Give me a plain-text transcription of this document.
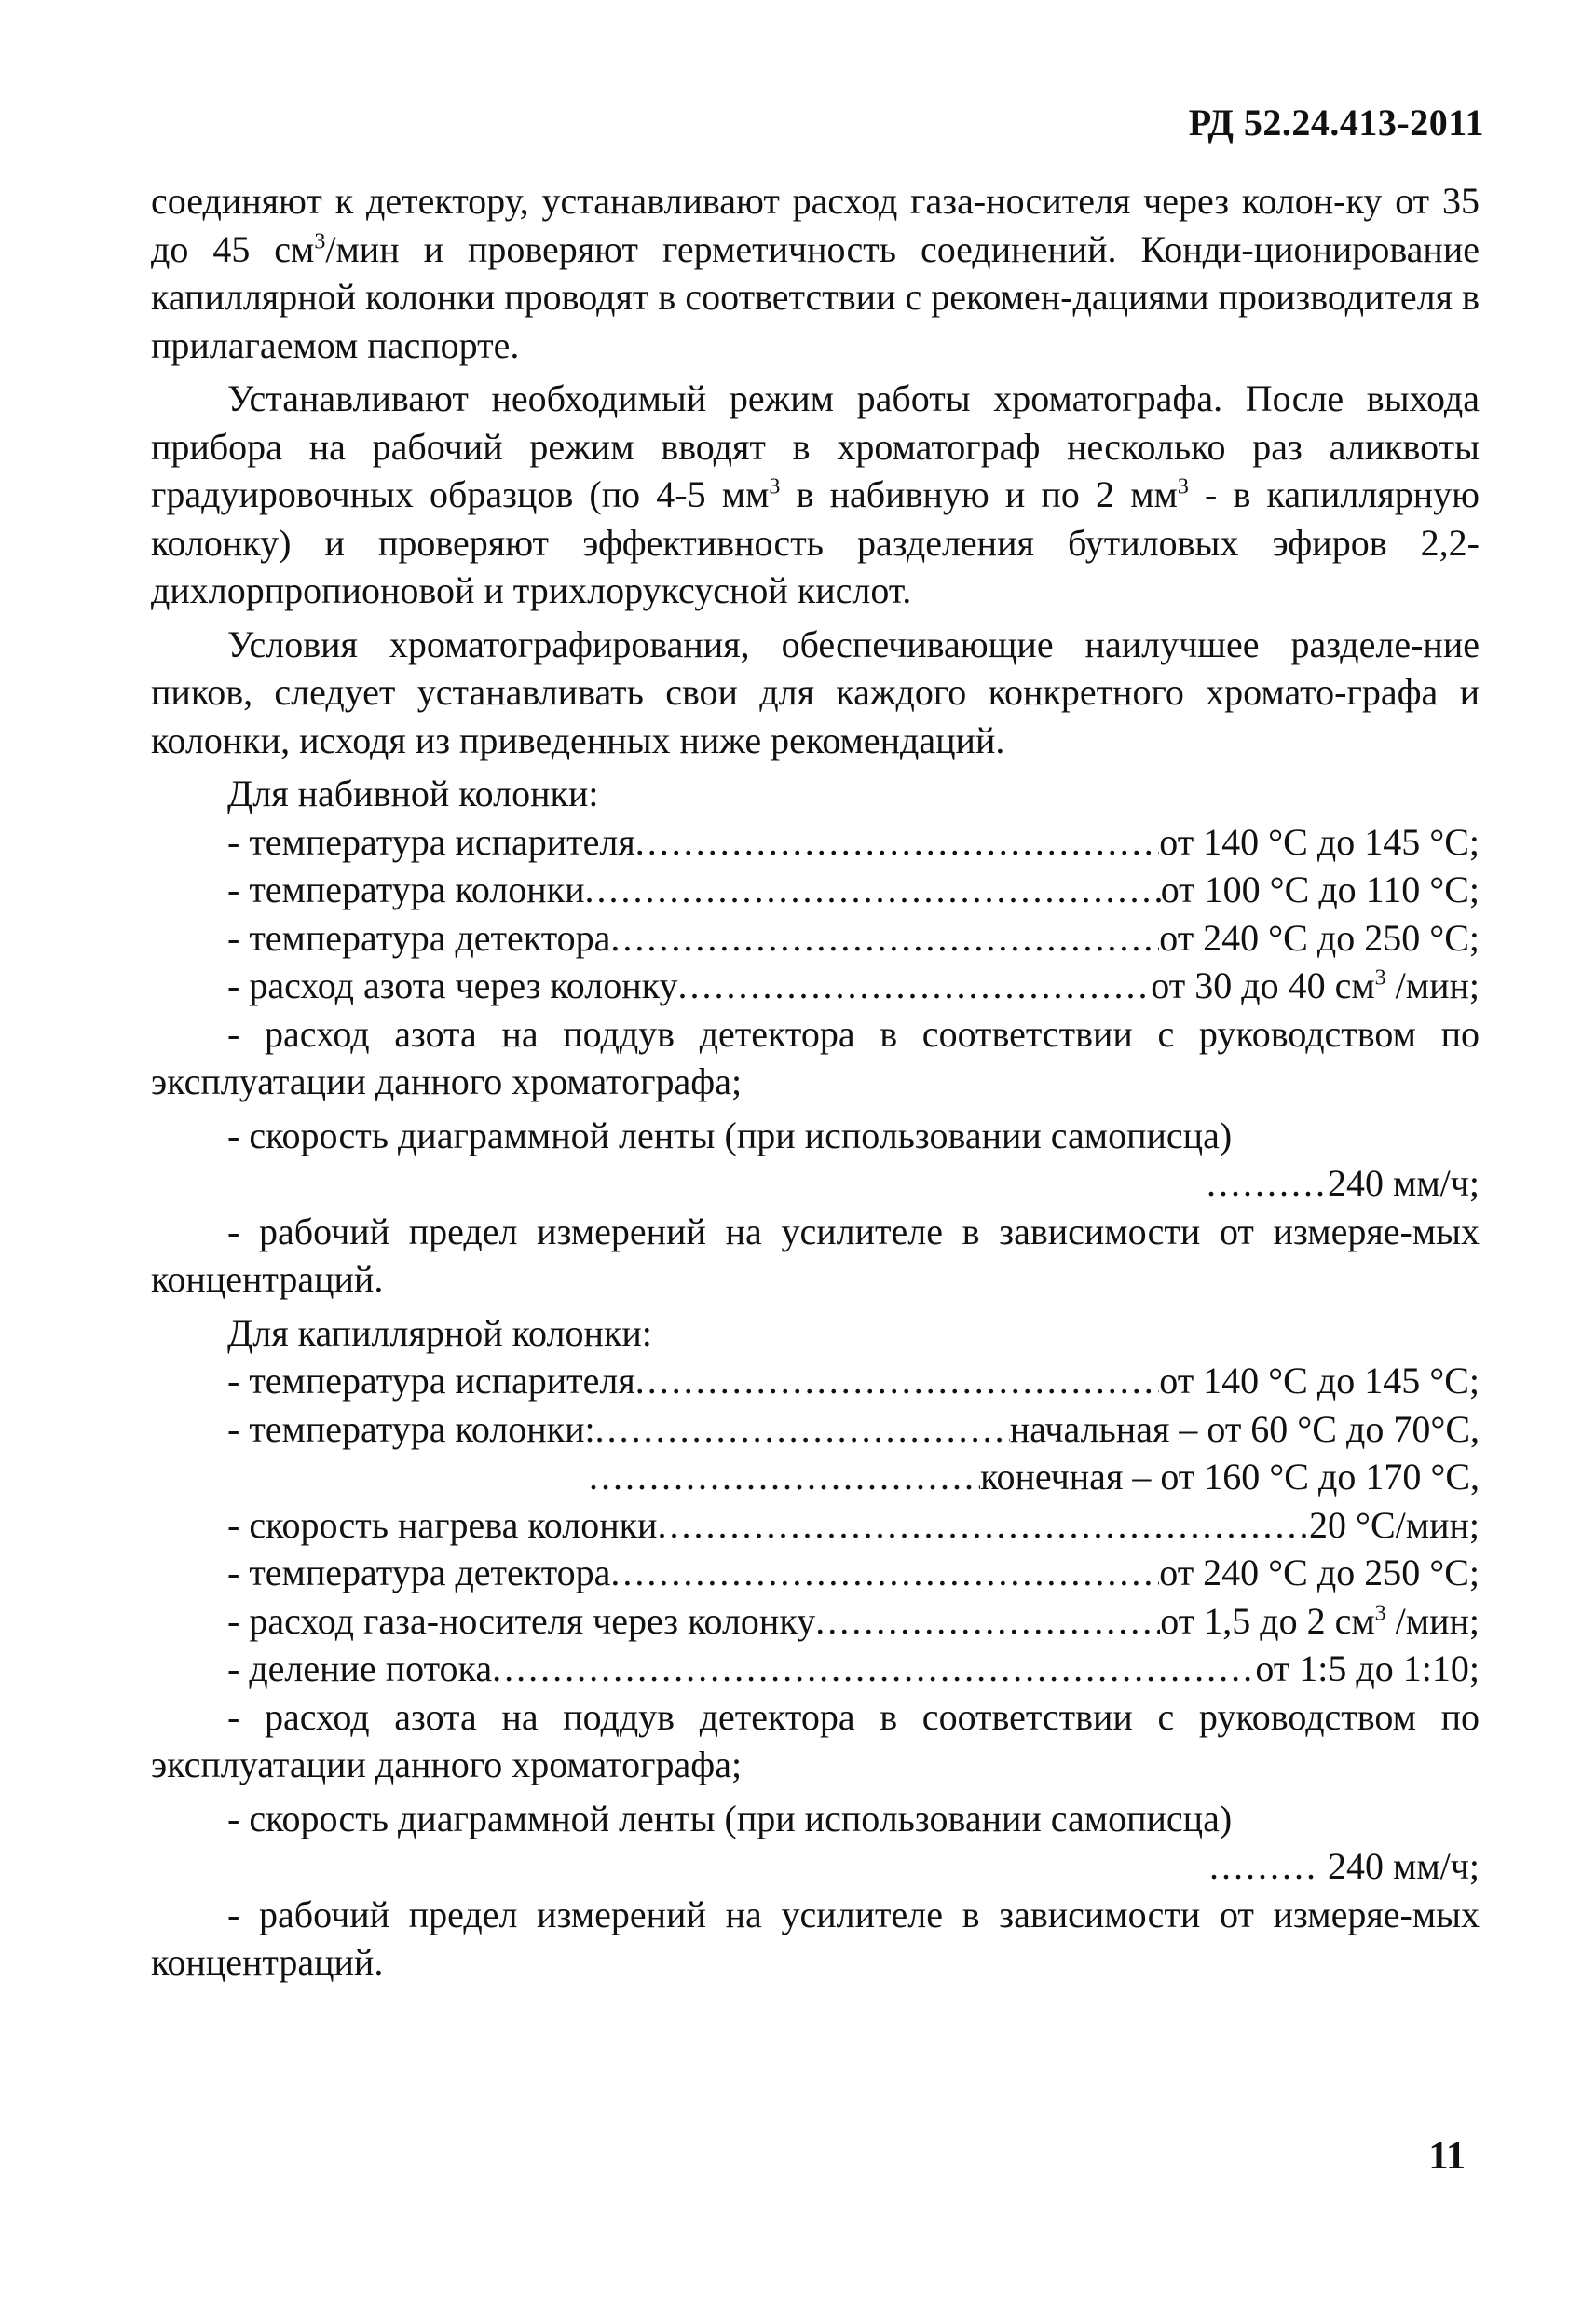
РД 52.24.413-2011

соединяют к детектору, устанавливают расход газа-носителя через колон-ку от 35 до 45 $см^3$/мин и проверяют герметичность соединений. Конди-ционирование капиллярной колонки проводят в соответствии с рекомен-дациями производителя в прилагаемом паспорте.

Устанавливают необходимый режим работы хроматографа. После выхода прибора на рабочий режим вводят в хроматограф несколько раз аликвоты градуировочных образцов (по 4-5 $мм^3$ в набивную и по 2 $мм^3$ - в капиллярную колонку) и проверяют эффективность разделения бутиловых эфиров 2,2-дихлорпропионовой и трихлоруксусной кислот.

Условия хроматографирования, обеспечивающие наилучшее разделе-ние пиков, следует устанавливать свои для каждого конкретного хромато-графа и колонки, исходя из приведенных ниже рекомендаций.

Для набивной колонки:

- температура испарителя .....	от 140 °С до 145 °С;
- температура колонки .....	от 100 °С до 110 °С;
- температура детектора .....	от 240 °С до 250 °С;
- расход азота через колонку .....	от 30 до 40 $см^3$ /мин;

- расход азота на поддув детектора в соответствии с руководством по эксплуатации данного хроматографа;

- скорость диаграммной ленты (при использовании самописца)

..........240 мм/ч;

- рабочий предел измерений на усилителе в зависимости от измеряе-мых концентраций.

Для капиллярной колонки:

- температура испарителя .....	от 140 °С до 145 °С;
- температура колонки: .....	начальная – от 60 °С до 70°С,
.....
конечная – от 160 °С до 170 °С,
- скорость нагрева колонки .....	20 °С/мин;
- температура детектора .....	от 240 °С до 250 °С;
- расход газа-носителя через колонку .....	от 1,5 до 2 $см^3$ /мин;
- деление потока .....	от 1:5 до 1:10;

- расход азота на поддув детектора в соответствии с руководством по эксплуатации данного хроматографа;

- скорость диаграммной ленты (при использовании самописца)

......... 240 мм/ч;

- рабочий предел измерений на усилителе в зависимости от измеряе-мых концентраций.

11
